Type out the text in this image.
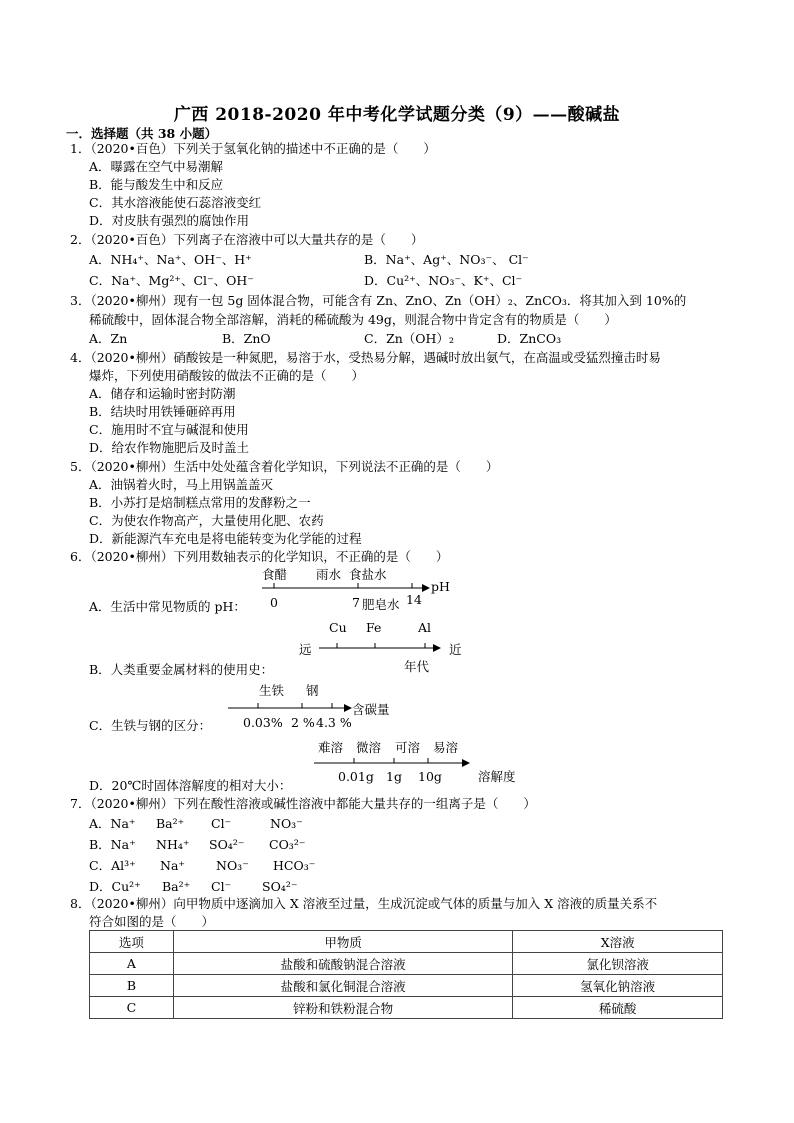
广西 2018-2020 年中考化学试题分类（9）——酸碱盐
一．选择题（共 38 小题）
1．（2020•百色）下列关于氢氧化钠的描述中不正确的是（　　）
A．曝露在空气中易潮解
B．能与酸发生中和反应
C．其水溶液能使石蕊溶液变红
D．对皮肤有强烈的腐蚀作用
2．（2020•百色）下列离子在溶液中可以大量共存的是（　　）
A．NH₄⁺、Na⁺、OH⁻、H⁺	B．Na⁺、Ag⁺、NO₃⁻、 Cl⁻
C．Na⁺、Mg²⁺、Cl⁻、OH⁻	D．Cu²⁺、NO₃⁻、K⁺、Cl⁻
3．（2020•柳州）现有一包 5g 固体混合物，可能含有 Zn、ZnO、Zn（OH）₂、ZnCO₃．将其加入到 10%的
稀硫酸中，固体混合物全部溶解，消耗的稀硫酸为 49g，则混合物中肯定含有的物质是（　　）
A．Zn	B．ZnO	C．Zn（OH）₂	D．ZnCO₃
4．（2020•柳州）硝酸铵是一种氮肥，易溶于水，受热易分解，遇碱时放出氨气，在高温或受猛烈撞击时易
爆炸，下列使用硝酸铵的做法不正确的是（　　）
A．储存和运输时密封防潮
B．结块时用铁锤砸碎再用
C．施用时不宜与碱混和使用
D．给农作物施肥后及时盖土
5．（2020•柳州）生活中处处蕴含着化学知识，下列说法不正确的是（　　）
A．油锅着火时，马上用锅盖盖灭
B．小苏打是焙制糕点常用的发酵粉之一
C．为使农作物高产，大量使用化肥、农药
D．新能源汽车充电是将电能转变为化学能的过程
6．（2020•柳州）下列用数轴表示的化学知识，不正确的是（　　）
食醋 雨水 食盐水
pH
0	7 肥皂水 14
A．生活中常见物质的 pH：
Cu Fe	Al
远	近
年代
B．人类重要金属材料的使用史：
生铁 钢
含碳量
0.03% 2 % 4.3 %
C．生铁与钢的区分：
难溶 微溶 可溶 易溶
0.01g 1g 10g	溶解度
D．20℃时固体溶解度的相对大小：
7．（2020•柳州）下列在酸性溶液或碱性溶液中都能大量共存的一组离子是（　　）
A．Na⁺ Ba²⁺ Cl⁻	NO₃⁻
B．Na⁺ NH₄⁺ SO₄²⁻ CO₃²⁻
C．Al³⁺ Na⁺ NO₃⁻ HCO₃⁻
D．Cu²⁺ Ba²⁺ Cl⁻ SO₄²⁻
8．（2020•柳州）向甲物质中逐滴加入 X 溶液至过量，生成沉淀或气体的质量与加入 X 溶液的质量关系不
符合如图的是（　　）
选项	甲物质	X溶液
A	盐酸和硫酸钠混合溶液	氯化钡溶液
B	盐酸和氯化铜混合溶液	氢氧化钠溶液
C	锌粉和铁粉混合物	稀硫酸
